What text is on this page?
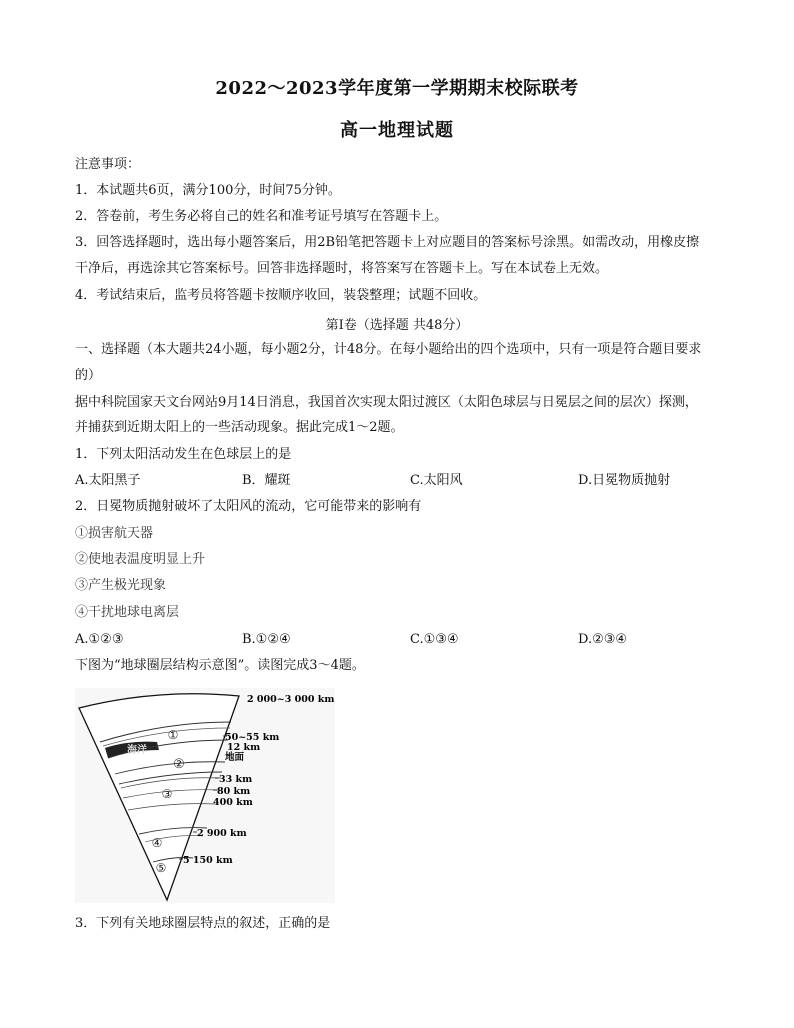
2022～2023学年度第一学期期末校际联考
高一地理试题
注意事项：
1．本试题共6页，满分100分，时间75分钟。
2．答卷前，考生务必将自己的姓名和准考证号填写在答题卡上。
3．回答选择题时，选出每小题答案后，用2B铅笔把答题卡上对应题目的答案标号涂黑。如需改动，用橡皮擦
干净后，再选涂其它答案标号。回答非选择题时，将答案写在答题卡上。写在本试卷上无效。
4．考试结束后，监考员将答题卡按顺序收回，装袋整理；试题不回收。
第Ⅰ卷（选择题 共48分）
一、选择题（本大题共24小题，每小题2分，计48分。在每小题给出的四个选项中，只有一项是符合题目要求
的）
据中科院国家天文台网站9月14日消息，我国首次实现太阳过渡区（太阳色球层与日冕层之间的层次）探测，
并捕获到近期太阳上的一些活动现象。据此完成1～2题。
1．下列太阳活动发生在色球层上的是
A.太阳黑子	B．耀斑	C.太阳风	D.日冕物质抛射
2．日冕物质抛射破坏了太阳风的流动，它可能带来的影响有
①损害航天器
②使地表温度明显上升
③产生极光现象
④干扰地球电离层
A.①②③	B.①②④	C.①③④	D.②③④
下图为“地球圈层结构示意图”。读图完成3～4题。
①
海洋
②
③
④
⑤
2 000~3 000 km
50~55 km
12 km
地面
33 km
80 km
400 km
2 900 km
5 150 km
3．下列有关地球圈层特点的叙述，正确的是
